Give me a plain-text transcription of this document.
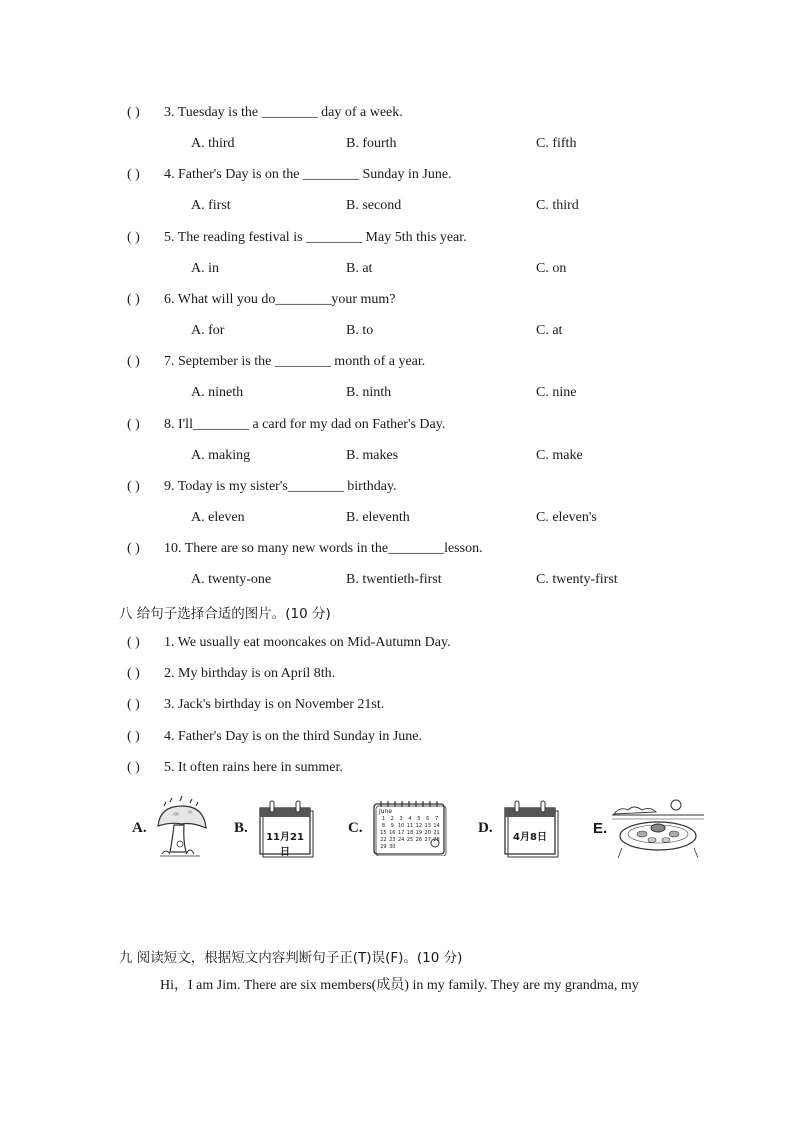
( ) 3. Tuesday is the ________ day of a week.
A. third	B. fourth	C. fifth
( ) 4. Father's Day is on the ________ Sunday in June.
A. first	B. second	C. third
( ) 5. The reading festival is ________ May 5th this year.
A. in	B. at	C. on
( ) 6. What will you do________your mum?
A. for	B. to	C. at
( ) 7. September is the ________ month of a year.
A. nineth	B. ninth	C. nine
( ) 8. I'll________ a card for my dad on Father's Day.
A. making	B. makes	C. make
( ) 9. Today is my sister's________ birthday.
A. eleven	B. eleventh	C. eleven's
( ) 10. There are so many new words in the________lesson.
A. twenty-one	B. twentieth-first	C. twenty-first
八 给句子选择合适的图片。(10 分)
( ) 1. We usually eat mooncakes on Mid-Autumn Day.
( ) 2. My birthday is on April 8th.
( ) 3. Jack's birthday is on November 21st.
( ) 4. Father's Day is on the third Sunday in June.
( ) 5. It often rains here in summer.
A.	B.
11月21日
C.
June
1	2	3	4	5	6	7
8	9 10 11 12 13 14
15 16 17 18 19 20 21
22 23 24 25 26 27 28
29 30
D.
4月8日
E.
九 阅读短文，根据短文内容判断句子正(T)误(F)。(10 分)
Hi，I am Jim. There are six members(成员) in my family. They are my grandma, my
